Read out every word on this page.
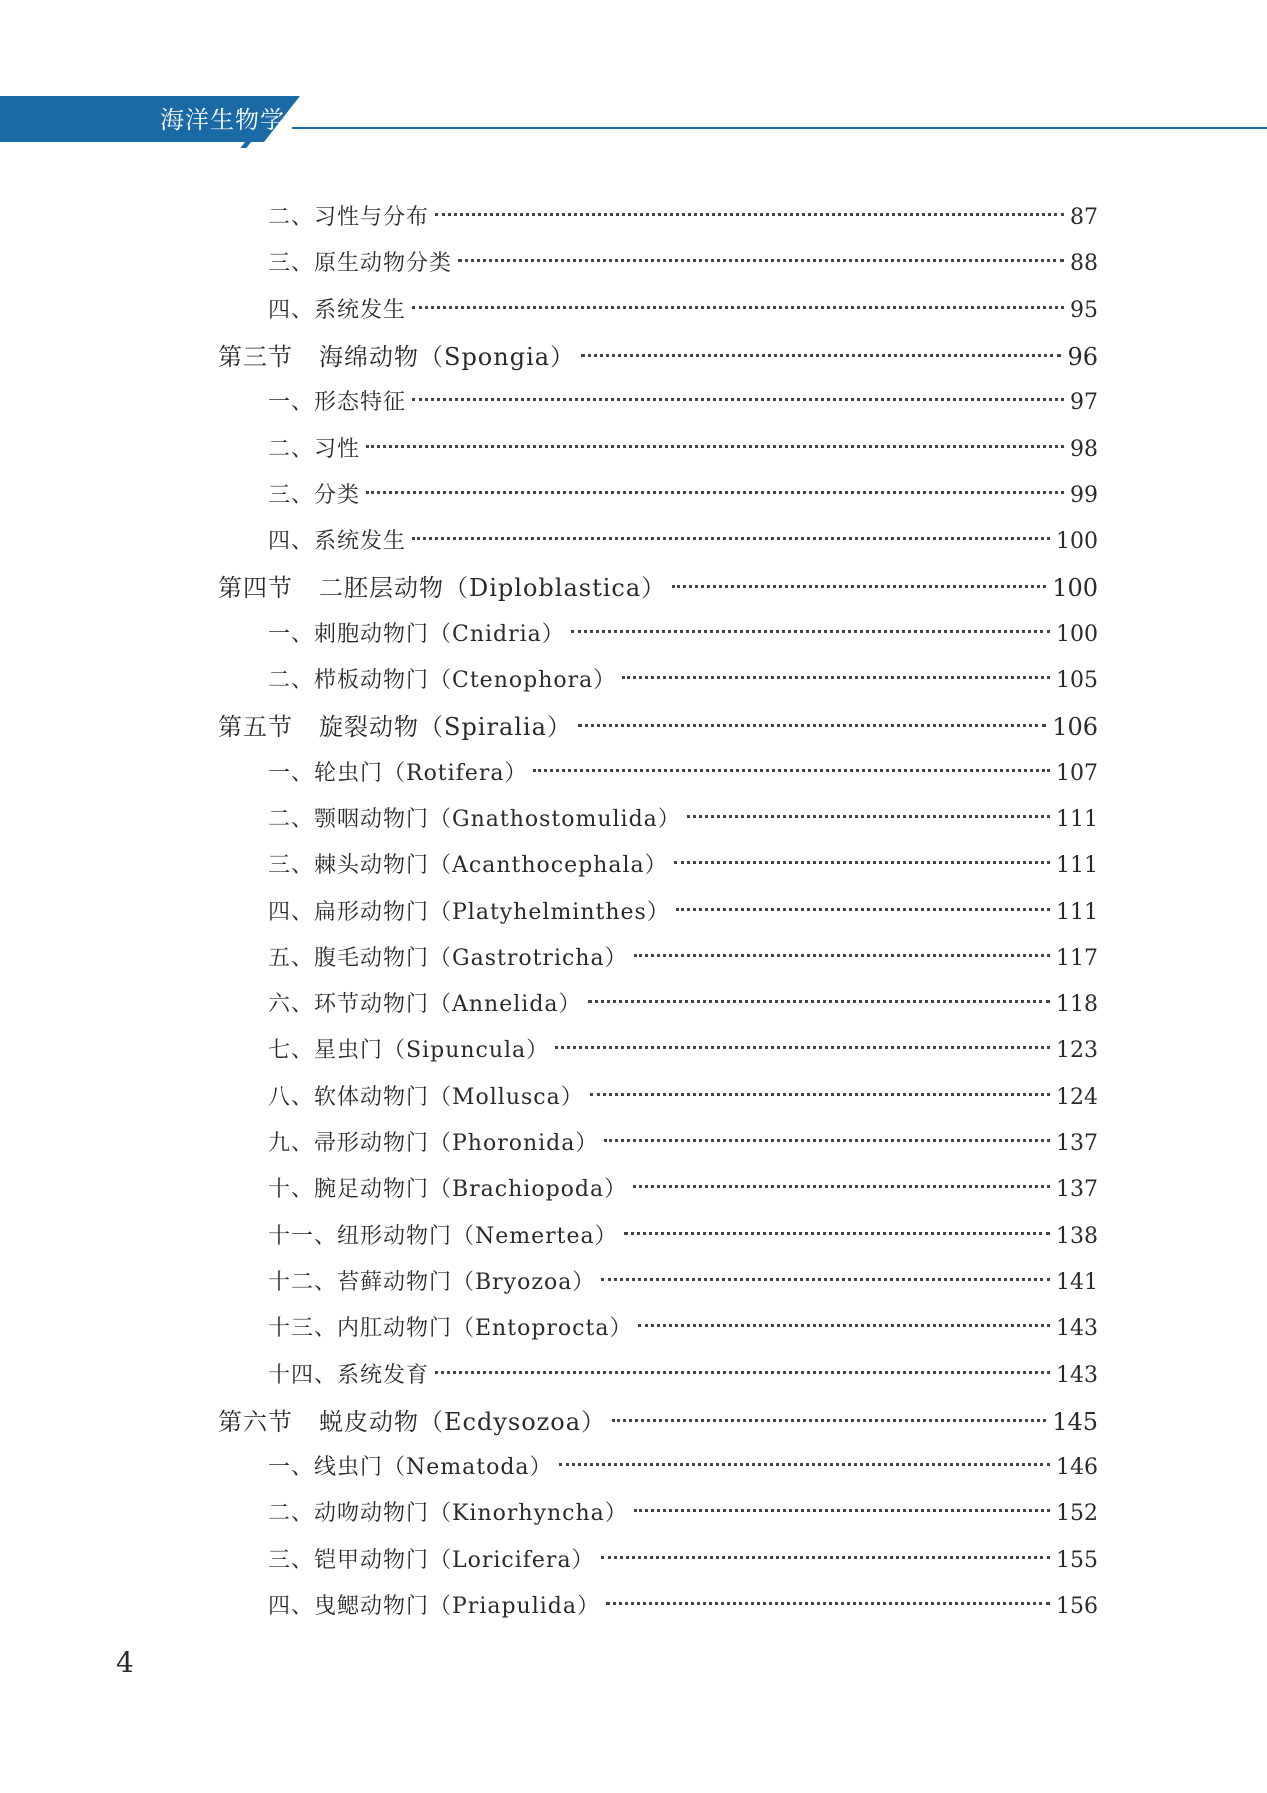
海洋生物学
二、习性与分布	87
三、原生动物分类	88
四、系统发生	95
第三节 海绵动物（Spongia）	96
一、形态特征	97
二、习性	98
三、分类	99
四、系统发生	100
第四节 二胚层动物（Diploblastica）	100
一、刺胞动物门（Cnidria）	100
二、栉板动物门（Ctenophora）	105
第五节 旋裂动物（Spiralia）	106
一、轮虫门（Rotifera）	107
二、颚咽动物门（Gnathostomulida）	111
三、棘头动物门（Acanthocephala）	111
四、扁形动物门（Platyhelminthes）	111
五、腹毛动物门（Gastrotricha）	117
六、环节动物门（Annelida）	118
七、星虫门（Sipuncula）	123
八、软体动物门（Mollusca）	124
九、帚形动物门（Phoronida）	137
十、腕足动物门（Brachiopoda）	137
十一、纽形动物门（Nemertea）	138
十二、苔藓动物门（Bryozoa）	141
十三、内肛动物门（Entoprocta）	143
十四、系统发育	143
第六节 蜕皮动物（Ecdysozoa）	145
一、线虫门（Nematoda）	146
二、动吻动物门（Kinorhyncha）	152
三、铠甲动物门（Loricifera）	155
四、曳鳃动物门（Priapulida）	156
4
